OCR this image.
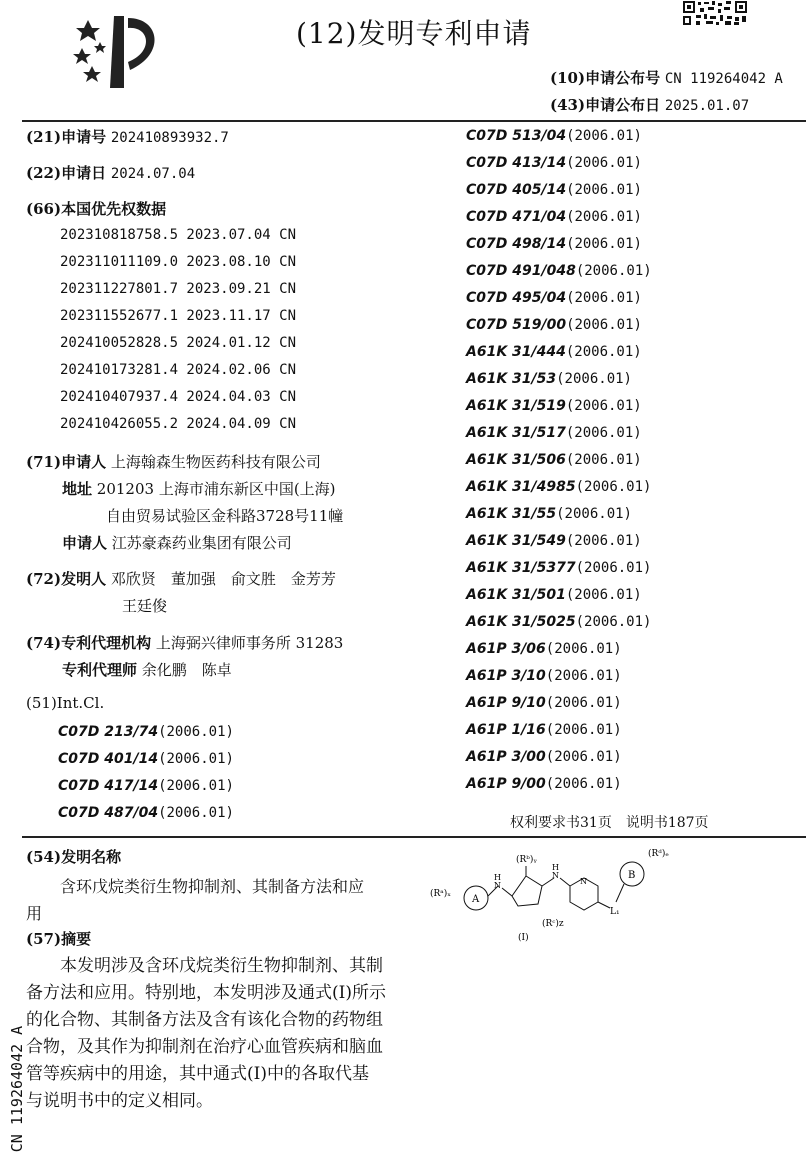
(12)发明专利申请
(10)申请公布号 CN 119264042 A
(43)申请公布日 2025.01.07
(21)申请号 202410893932.7
(22)申请日 2024.07.04
(66)本国优先权数据
202310818758.5 2023.07.04 CN
202311011109.0 2023.08.10 CN
202311227801.7 2023.09.21 CN
202311552677.1 2023.11.17 CN
202410052828.5 2024.01.12 CN
202410173281.4 2024.02.06 CN
202410407937.4 2024.04.03 CN
202410426055.2 2024.04.09 CN
(71)申请人 上海翰森生物医药科技有限公司
地址 201203 上海市浦东新区中国(上海)
自由贸易试验区金科路3728号11幢
申请人 江苏豪森药业集团有限公司
(72)发明人 邓欣贤　董加强　俞文胜　金芳芳
王廷俊
(74)专利代理机构 上海弼兴律师事务所 31283
专利代理师 余化鹏　陈卓
(51)Int.Cl.
C07D 213/74(2006.01)
C07D 401/14(2006.01)
C07D 417/14(2006.01)
C07D 487/04(2006.01)
C07D 513/04(2006.01)
C07D 413/14(2006.01)
C07D 405/14(2006.01)
C07D 471/04(2006.01)
C07D 498/14(2006.01)
C07D 491/048(2006.01)
C07D 495/04(2006.01)
C07D 519/00(2006.01)
A61K 31/444(2006.01)
A61K 31/53(2006.01)
A61K 31/519(2006.01)
A61K 31/517(2006.01)
A61K 31/506(2006.01)
A61K 31/4985(2006.01)
A61K 31/55(2006.01)
A61K 31/549(2006.01)
A61K 31/5377(2006.01)
A61K 31/501(2006.01)
A61K 31/5025(2006.01)
A61P 3/06(2006.01)
A61P 3/10(2006.01)
A61P 9/10(2006.01)
A61P 1/16(2006.01)
A61P 3/00(2006.01)
A61P 9/00(2006.01)
权利要求书31页　说明书187页
(54)发明名称
含环戊烷类衍生物抑制剂、其制备方法和应
用
(57)摘要
本发明涉及含环戊烷类衍生物抑制剂、其制
备方法和应用。特别地，本发明涉及通式(I)所示
的化合物、其制备方法及含有该化合物的药物组
合物，及其作为抑制剂在治疗心血管疾病和脑血
管等疾病中的用途，其中通式(I)中的各取代基
与说明书中的定义相同。
CN 119264042 A
(Rᵃ)ₓ A
H
N
(Rᵇ)ᵧ
H
N
N
(Rᶜ)z
L₁
B
(Rᵈ)ₑ
(I)
